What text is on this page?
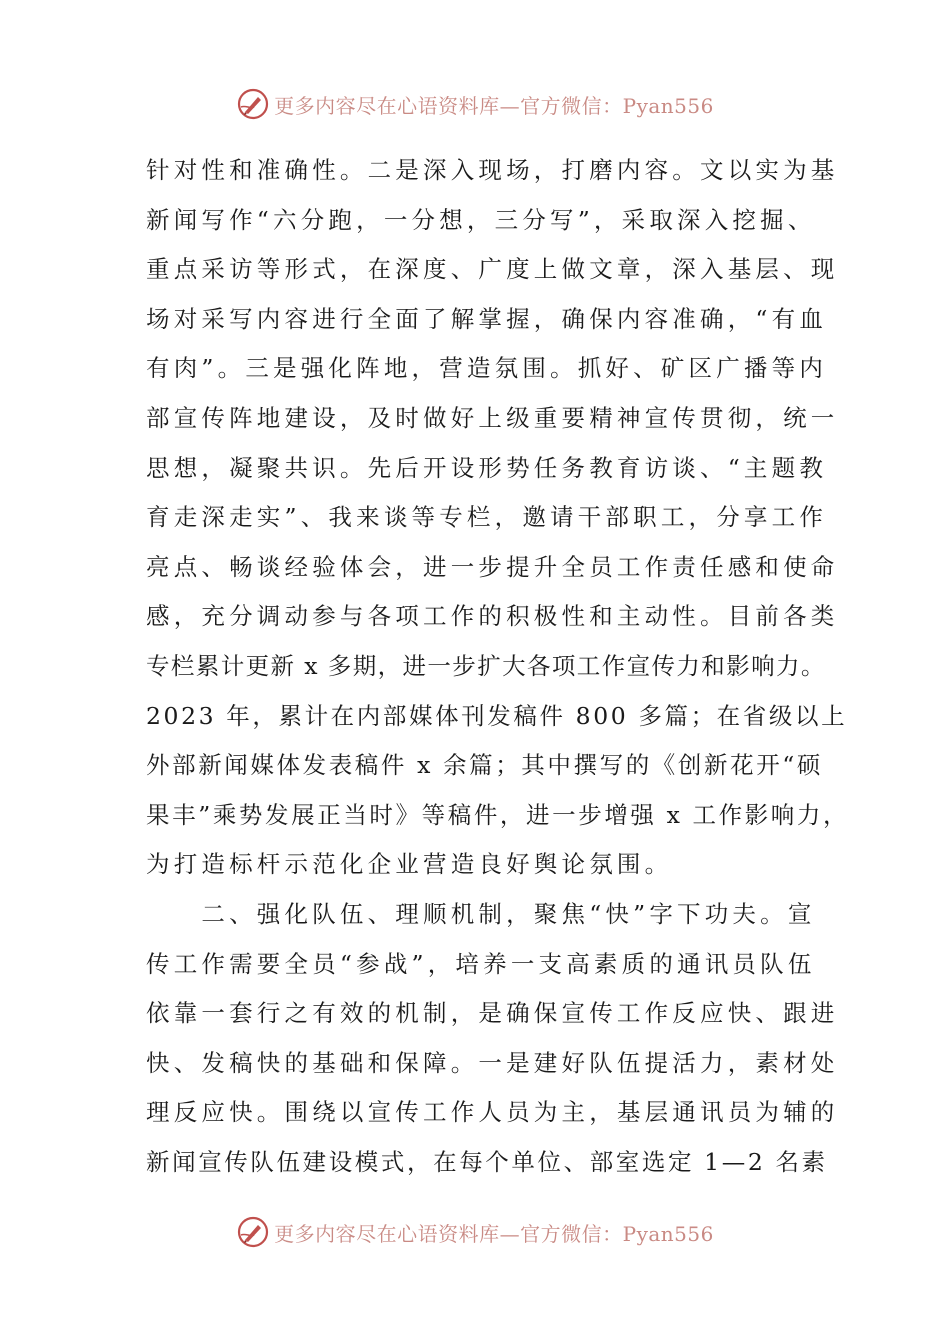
更多内容尽在心语资料库—官方微信：Pyan556
针对性和准确性。二是深入现场，打磨内容。文以实为基
新闻写作“六分跑，一分想，三分写”，采取深入挖掘、
重点采访等形式，在深度、广度上做文章，深入基层、现
场对采写内容进行全面了解掌握，确保内容准确，“有血
有肉”。三是强化阵地，营造氛围。抓好、矿区广播等内
部宣传阵地建设，及时做好上级重要精神宣传贯彻，统一
思想，凝聚共识。先后开设形势任务教育访谈、“主题教
育走深走实”、我来谈等专栏，邀请干部职工，分享工作
亮点、畅谈经验体会，进一步提升全员工作责任感和使命
感，充分调动参与各项工作的积极性和主动性。目前各类
专栏累计更新 x 多期，进一步扩大各项工作宣传力和影响力。
2023 年，累计在内部媒体刊发稿件 800 多篇；在省级以上
外部新闻媒体发表稿件 x 余篇；其中撰写的《创新花开“硕
果丰”乘势发展正当时》等稿件，进一步增强 x 工作影响力，
为打造标杆示范化企业营造良好舆论氛围。
　　二、强化队伍、理顺机制，聚焦“快”字下功夫。宣
传工作需要全员“参战”，培养一支高素质的通讯员队伍
依靠一套行之有效的机制，是确保宣传工作反应快、跟进
快、发稿快的基础和保障。一是建好队伍提活力，素材处
理反应快。围绕以宣传工作人员为主，基层通讯员为辅的
新闻宣传队伍建设模式，在每个单位、部室选定 1—2 名素
更多内容尽在心语资料库—官方微信：Pyan556
